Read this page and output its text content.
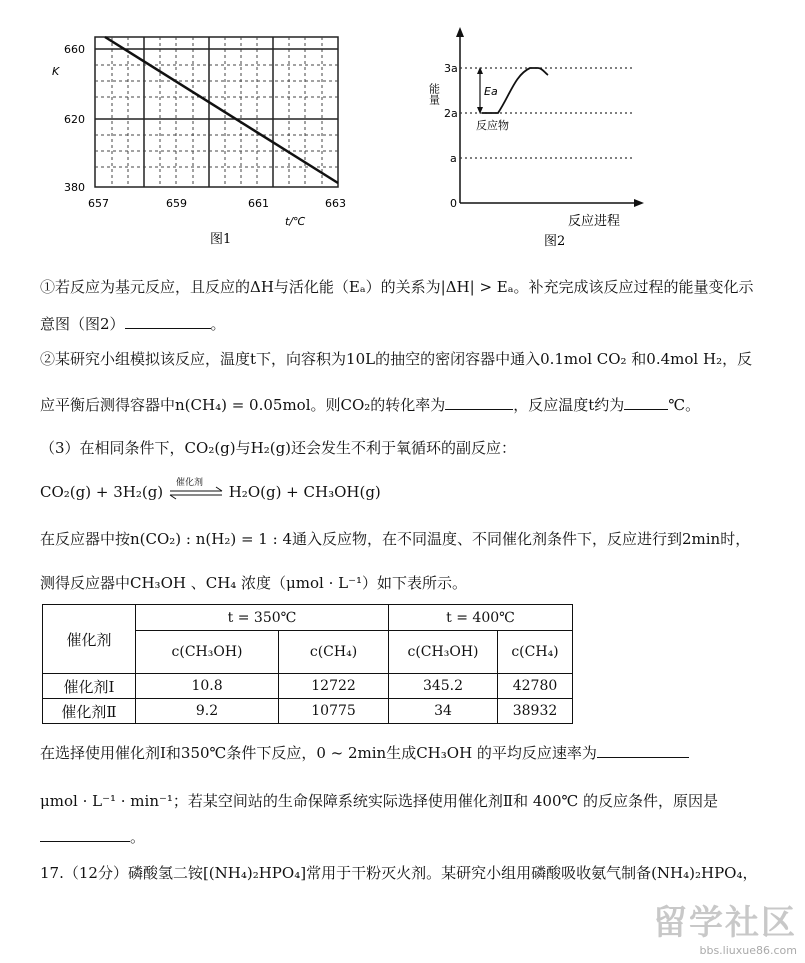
K
660
620
380
657	659	661	663
t/℃
图1
Ea
能量
3a
2a
a
0
反应物
反应进程
图2
①若反应为基元反应，且反应的ΔH与活化能（Eₐ）的关系为|ΔH| > Eₐ。补充完成该反应过程的能量变化示
意图（图2）	。
②某研究小组模拟该反应，温度t下，向容积为10L的抽空的密闭容器中通入0.1mol CO₂ 和0.4mol H₂，反
应平衡后测得容器中n(CH₄) = 0.05mol。则CO₂的转化率为	，反应温度t约为	℃。
（3）在相同条件下，CO₂(g)与H₂(g)还会发生不利于氧循环的副反应：
CO₂(g) + 3H₂(g) 催化剂 H₂O(g) + CH₃OH(g)
在反应器中按n(CO₂) : n(H₂) = 1 : 4通入反应物，在不同温度、不同催化剂条件下，反应进行到2min时，
测得反应器中CH₃OH 、CH₄ 浓度（μmol · L⁻¹）如下表所示。
催化剂	t = 350℃		t = 400℃	
	c(CH₃OH)	c(CH₄)	c(CH₃OH)	c(CH₄)
催化剂Ⅰ	10.8	12722	345.2	42780
催化剂Ⅱ	9.2	10775	34	38932
在选择使用催化剂Ⅰ和350℃条件下反应，0 ~ 2min生成CH₃OH 的平均反应速率为
μmol · L⁻¹ · min⁻¹；若某空间站的生命保障系统实际选择使用催化剂Ⅱ和 400℃ 的反应条件，原因是
。
17.（12分）磷酸氢二铵[(NH₄)₂HPO₄]常用于干粉灭火剂。某研究小组用磷酸吸收氨气制备(NH₄)₂HPO₄，
留学社区
bbs.liuxue86.com
